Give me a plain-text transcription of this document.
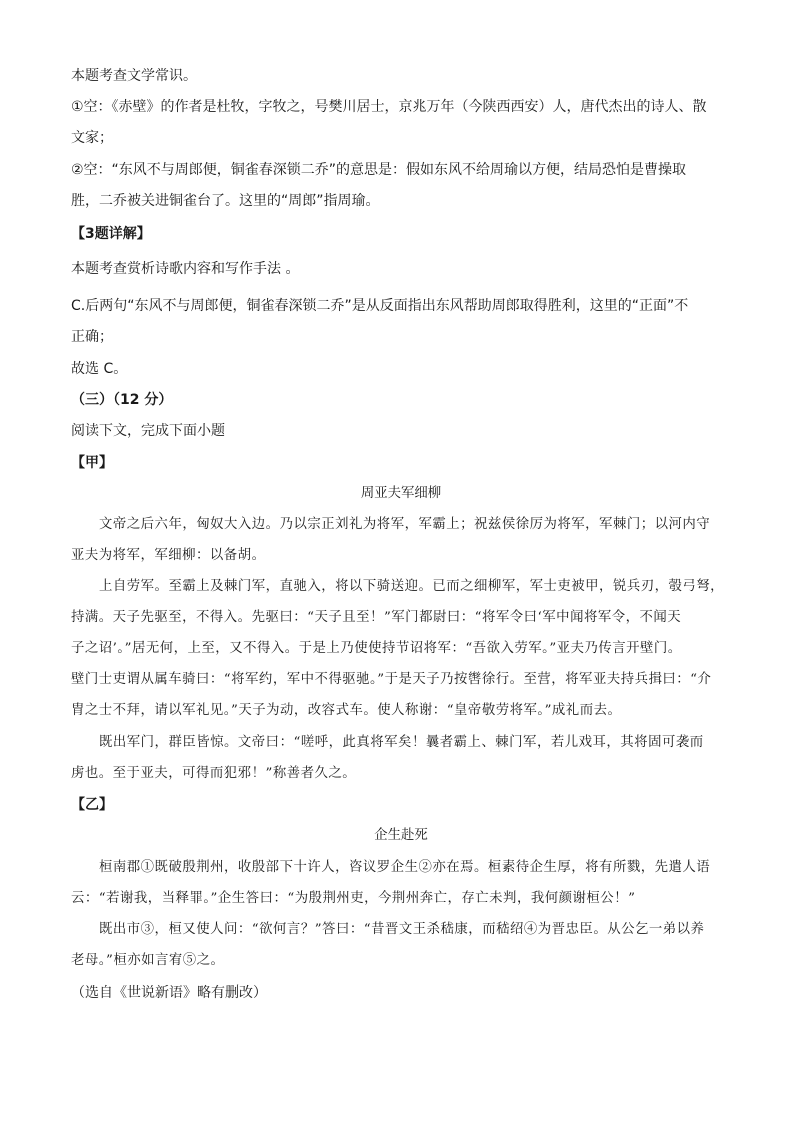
本题考查文学常识。
①空：《赤壁》的作者是杜牧，字牧之，号樊川居士，京兆万年（今陕西西安）人，唐代杰出的诗人、散
文家；
②空：“东风不与周郎便，铜雀春深锁二乔”的意思是：假如东风不给周瑜以方便，结局恐怕是曹操取
胜，二乔被关进铜雀台了。这里的“周郎”指周瑜。
【3题详解】
本题考查赏析诗歌内容和写作手法 。
C.后两句“东风不与周郎便，铜雀春深锁二乔”是从反面指出东风帮助周郎取得胜利，这里的“正面”不
正确；
故选 C。
（三）（12 分）
阅读下文，完成下面小题
【甲】
周亚夫军细柳
文帝之后六年，匈奴大入边。乃以宗正刘礼为将军，军霸上；祝兹侯徐厉为将军，军棘门；以河内守
亚夫为将军，军细柳：以备胡。
上自劳军。至霸上及棘门军，直驰入，将以下骑送迎。已而之细柳军，军士吏被甲，锐兵刃，彀弓弩，
持满。天子先驱至，不得入。先驱曰：“天子且至！”军门都尉曰：“将军令曰‘军中闻将军令，不闻天
子之诏’。”居无何，上至，又不得入。于是上乃使使持节诏将军：“吾欲入劳军。”亚夫乃传言开壁门。
壁门士吏谓从属车骑曰：“将军约，军中不得驱驰。”于是天子乃按辔徐行。至营，将军亚夫持兵揖曰：“介
胄之士不拜，请以军礼见。”天子为动，改容式车。使人称谢：“皇帝敬劳将军。”成礼而去。
既出军门，群臣皆惊。文帝曰：“嗟呼，此真将军矣！曩者霸上、棘门军，若儿戏耳，其将固可袭而
虏也。至于亚夫，可得而犯邪！”称善者久之。
【乙】
企生赴死
桓南郡①既破殷荆州，收殷部下十许人，咨议罗企生②亦在焉。桓素待企生厚，将有所戮，先遣人语
云：“若谢我，当释罪。”企生答曰：“为殷荆州吏，今荆州奔亡，存亡未判，我何颜谢桓公！”
既出市③，桓又使人问：“欲何言？”答曰：“昔晋文王杀嵇康，而嵇绍④为晋忠臣。从公乞一弟以养
老母。”桓亦如言宥⑤之。
（选自《世说新语》略有删改）
